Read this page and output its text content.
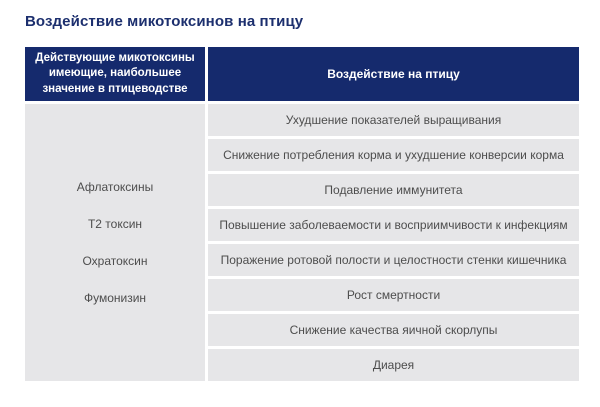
Воздействие микотоксинов на птицу
Действующие микотоксины имеющие, наибольшее значение в птицеводстве
Воздействие на птицу
Афлатоксины
Т2 токсин
Охратоксин
Фумонизин
Ухудшение показателей выращивания
Снижение потребления корма и ухудшение конверсии корма
Подавление иммунитета
Повышение заболеваемости и восприимчивости к инфекциям
Поражение ротовой полости и целостности стенки кишечника
Рост смертности
Снижение качества яичной скорлупы
Диарея
